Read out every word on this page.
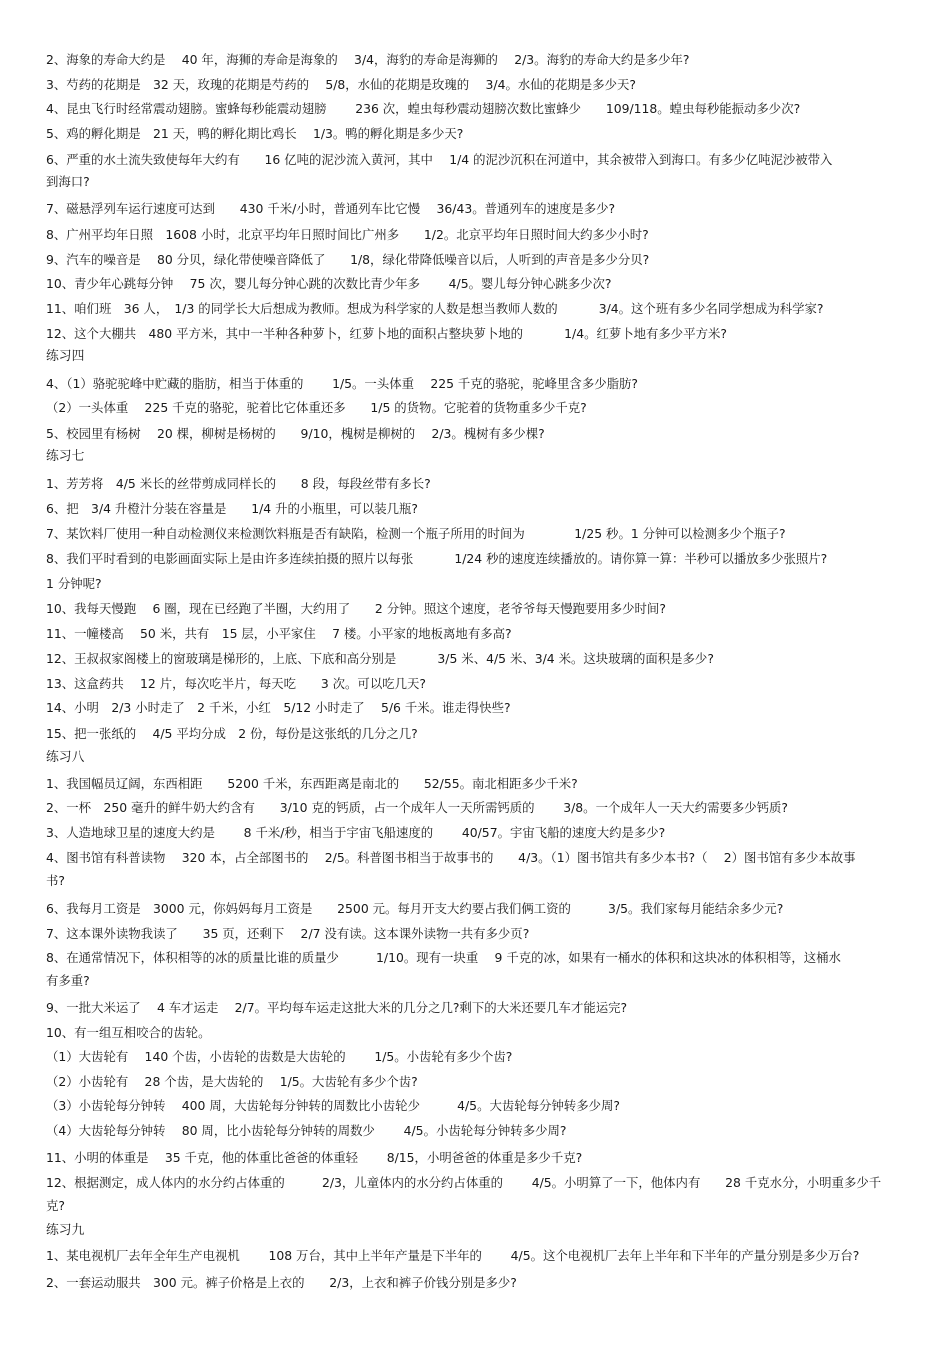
2、海象的寿命大约是　 40 年，海狮的寿命是海象的　 3/4，海豹的寿命是海狮的　 2/3。海豹的寿命大约是多少年?
3、芍药的花期是　32 天，玫瑰的花期是芍药的　 5/8，水仙的花期是玫瑰的　 3/4。水仙的花期是多少天?
4、昆虫飞行时经常震动翅膀。蜜蜂每秒能震动翅膀　　 236 次，蝗虫每秒震动翅膀次数比蜜蜂少　　109/118。蝗虫每秒能振动多少次?
5、鸡的孵化期是　21 天，鸭的孵化期比鸡长　 1/3。鸭的孵化期是多少天?
6、严重的水土流失致使每年大约有　　16 亿吨的泥沙流入黄河，其中　 1/4 的泥沙沉积在河道中，其余被带入到海口。有多少亿吨泥沙被带入
到海口?
7、磁悬浮列车运行速度可达到　　430 千米/小时，普通列车比它慢　 36/43。普通列车的速度是多少?
8、广州平均年日照　1608 小时，北京平均年日照时间比广州多　　1/2。北京平均年日照时间大约多少小时?
9、汽车的噪音是　 80 分贝，绿化带使噪音降低了　　1/8，绿化带降低噪音以后，人听到的声音是多少分贝?
10、青少年心跳每分钟　 75 次，婴儿每分钟心跳的次数比青少年多　　 4/5。婴儿每分钟心跳多少次?
11、咱们班　36 人，　1/3 的同学长大后想成为教师。想成为科学家的人数是想当教师人数的　　　 3/4。这个班有多少名同学想成为科学家?
12、这个大棚共　480 平方米，其中一半种各种萝卜，红萝卜地的面积占整块萝卜地的　　　 1/4。红萝卜地有多少平方米?
练习四
4、（1）骆驼驼峰中贮藏的脂肪，相当于体重的　　 1/5。一头体重　 225 千克的骆驼，驼峰里含多少脂肪?
（2）一头体重　 225 千克的骆驼，驼着比它体重还多　　1/5 的货物。它驼着的货物重多少千克?
5、校园里有杨树　 20 棵，柳树是杨树的　　9/10，槐树是柳树的　 2/3。槐树有多少棵?
练习七
1、芳芳将　4/5 米长的丝带剪成同样长的　　8 段，每段丝带有多长?
6、把　3/4 升橙汁分装在容量是　　1/4 升的小瓶里，可以装几瓶?
7、某饮料厂使用一种自动检测仪来检测饮料瓶是否有缺陷，检测一个瓶子所用的时间为　　　　1/25 秒。1 分钟可以检测多少个瓶子?
8、我们平时看到的电影画面实际上是由许多连续拍摄的照片以每张　　　 1/24 秒的速度连续播放的。请你算一算：半秒可以播放多少张照片?
1 分钟呢?
10、我每天慢跑　 6 圈，现在已经跑了半圈，大约用了　　2 分钟。照这个速度，老爷爷每天慢跑要用多少时间?
11、一幢楼高　 50 米，共有　15 层，小平家住　 7 楼。小平家的地板离地有多高?
12、王叔叔家阁楼上的窗玻璃是梯形的，上底、下底和高分别是　　　 3/5 米、4/5 米、3/4 米。这块玻璃的面积是多少?
13、这盒药共　 12 片，每次吃半片，每天吃　　3 次。可以吃几天?
14、小明　2/3 小时走了　2 千米，小红　5/12 小时走了　 5/6 千米。谁走得快些?
15、把一张纸的　 4/5 平均分成　2 份，每份是这张纸的几分之几?
练习八
1、我国幅员辽阔，东西相距　　5200 千米，东西距离是南北的　　52/55。南北相距多少千米?
2、一杯　250 毫升的鲜牛奶大约含有　　3/10 克的钙质，占一个成年人一天所需钙质的　　 3/8。一个成年人一天大约需要多少钙质?
3、人造地球卫星的速度大约是　　 8 千米/秒，相当于宇宙飞船速度的　　 40/57。宇宙飞船的速度大约是多少?
4、图书馆有科普读物　 320 本，占全部图书的　 2/5。科普图书相当于故事书的　　4/3。（1）图书馆共有多少本书?（　 2）图书馆有多少本故事
书?
6、我每月工资是　3000 元，你妈妈每月工资是　　2500 元。每月开支大约要占我们俩工资的　　　3/5。我们家每月能结余多少元?
7、这本课外读物我读了　　35 页，还剩下　 2/7 没有读。这本课外读物一共有多少页?
8、在通常情况下，体积相等的冰的质量比谁的质量少　　　1/10。现有一块重　 9 千克的冰，如果有一桶水的体积和这块冰的体积相等，这桶水
有多重?
9、一批大米运了　 4 车才运走　 2/7。平均每车运走这批大米的几分之几?剩下的大米还要几车才能运完?
10、有一组互相咬合的齿轮。
（1）大齿轮有　 140 个齿，小齿轮的齿数是大齿轮的　　 1/5。小齿轮有多少个齿?
（2）小齿轮有　 28 个齿，是大齿轮的　 1/5。大齿轮有多少个齿?
（3）小齿轮每分钟转　 400 周，大齿轮每分钟转的周数比小齿轮少　　　4/5。大齿轮每分钟转多少周?
（4）大齿轮每分钟转　 80 周，比小齿轮每分钟转的周数少　　 4/5。小齿轮每分钟转多少周?
11、小明的体重是　 35 千克，他的体重比爸爸的体重轻　　 8/15，小明爸爸的体重是多少千克?
12、根据测定，成人体内的水分约占体重的　　　2/3，儿童体内的水分约占体重的　　 4/5。小明算了一下，他体内有　　28 千克水分，小明重多少千
克?
练习九
1、某电视机厂去年全年生产电视机　　 108 万台，其中上半年产量是下半年的　　 4/5。这个电视机厂去年上半年和下半年的产量分别是多少万台?
2、一套运动服共　300 元。裤子价格是上衣的　　2/3，上衣和裤子价钱分别是多少?
